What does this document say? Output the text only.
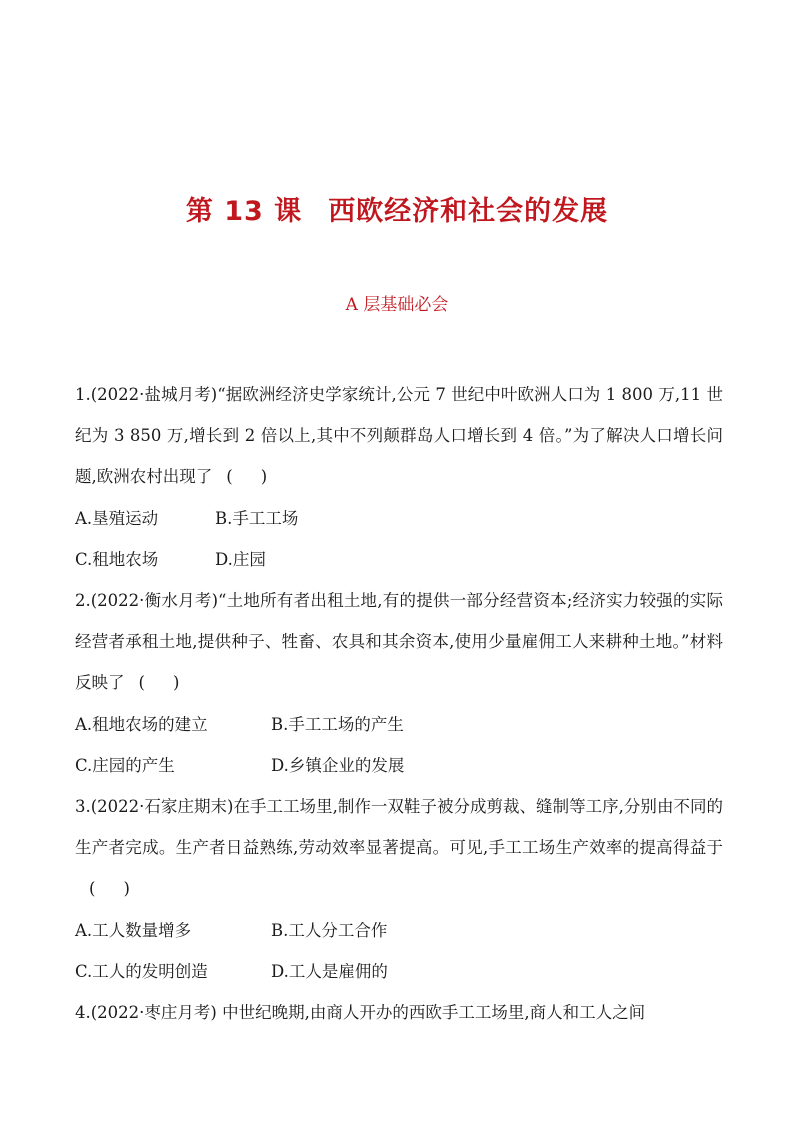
第 13 课 西欧经济和社会的发展
A 层基础必会

1.(2022·盐城月考)“据欧洲经济史学家统计,公元 7 世纪中叶欧洲人口为 1 800 万,11 世纪为 3 850 万,增长到 2 倍以上,其中不列颠群岛人口增长到 4 倍。”为了解决人口增长问题,欧洲农村出现了 ( )

A.垦殖运动	B.手工工场
C.租地农场	D.庄园

2.(2022·衡水月考)“土地所有者出租土地,有的提供一部分经营资本;经济实力较强的实际经营者承租土地,提供种子、牲畜、农具和其余资本,使用少量雇佣工人来耕种土地。”材料反映了 ( )

A.租地农场的建立	B.手工工场的产生
C.庄园的产生	D.乡镇企业的发展

3.(2022·石家庄期末)在手工工场里,制作一双鞋子被分成剪裁、缝制等工序,分别由不同的生产者完成。生产者日益熟练,劳动效率显著提高。可见,手工工场生产效率的提高得益于( )

A.工人数量增多	B.工人分工合作
C.工人的发明创造	D.工人是雇佣的

4.(2022·枣庄月考) 中世纪晚期,由商人开办的西欧手工工场里,商人和工人之间
